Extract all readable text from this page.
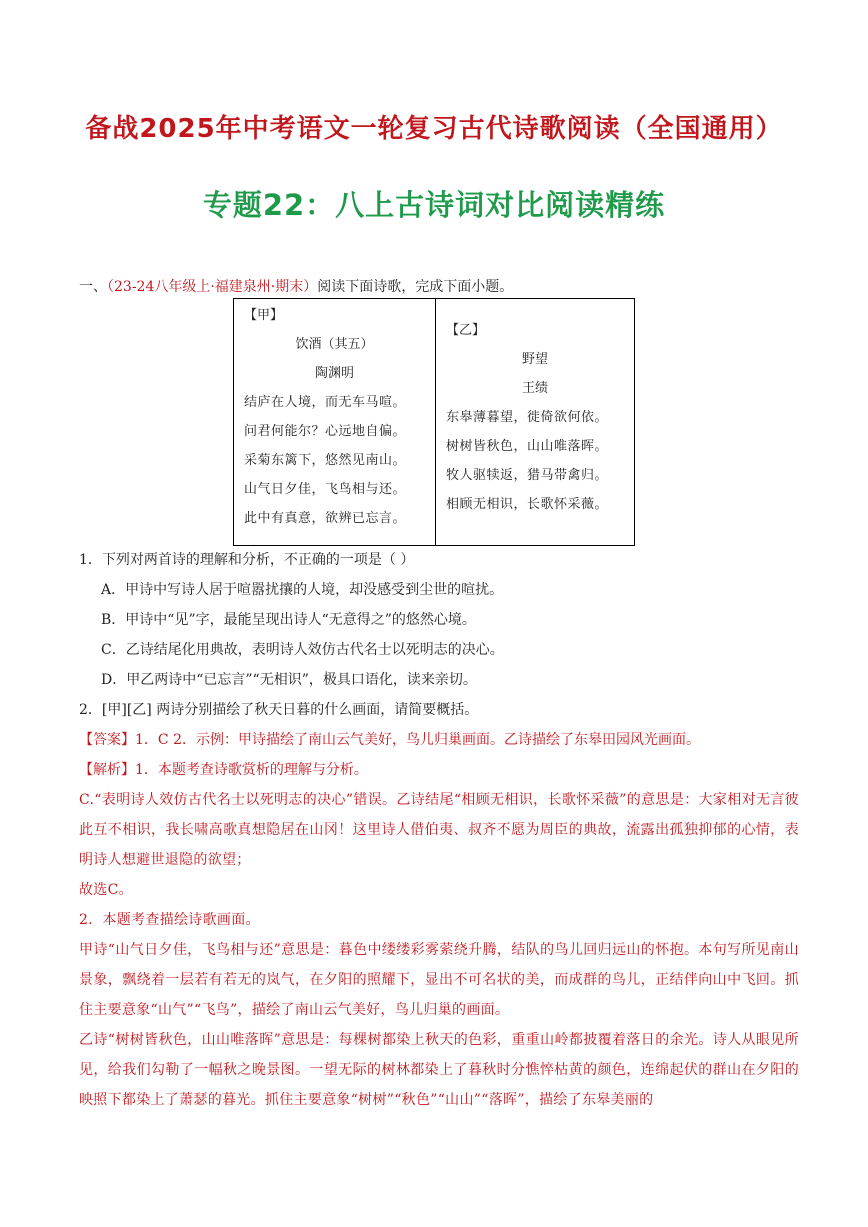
备战2025年中考语文一轮复习古代诗歌阅读（全国通用）
专题22：八上古诗词对比阅读精练
一、（23-24八年级上·福建泉州·期末）阅读下面诗歌，完成下面小题。
【甲】
饮酒（其五）
陶渊明
结庐在人境，而无车马喧。
问君何能尔？心远地自偏。
采菊东篱下，悠然见南山。
山气日夕佳，飞鸟相与还。
此中有真意，欲辨已忘言。
【乙】
野望
王绩
东皋薄暮望，徙倚欲何依。
树树皆秋色，山山唯落晖。
牧人驱犊返，猎马带禽归。
相顾无相识，长歌怀采薇。
1．下列对两首诗的理解和分析，不正确的一项是（ ）
A．甲诗中写诗人居于喧嚣扰攘的人境，却没感受到尘世的喧扰。
B．甲诗中“见”字，最能呈现出诗人“无意得之”的悠然心境。
C．乙诗结尾化用典故，表明诗人效仿古代名士以死明志的决心。
D．甲乙两诗中“已忘言”“无相识”，极具口语化，读来亲切。
2．[甲][乙] 两诗分别描绘了秋天日暮的什么画面，请简要概括。
【答案】1．C 2．示例：甲诗描绘了南山云气美好，鸟儿归巢画面。乙诗描绘了东皋田园风光画面。
【解析】1．本题考查诗歌赏析的理解与分析。
C.“表明诗人效仿古代名士以死明志的决心”错误。乙诗结尾“相顾无相识，长歌怀采薇”的意思是：大家相对无言彼此互不相识，我长啸高歌真想隐居在山冈！这里诗人借伯夷、叔齐不愿为周臣的典故，流露出孤独抑郁的心情，表明诗人想避世退隐的欲望；
故选C。
2．本题考查描绘诗歌画面。
甲诗“山气日夕佳，飞鸟相与还”意思是：暮色中缕缕彩雾萦绕升腾，结队的鸟儿回归远山的怀抱。本句写所见南山景象，飘绕着一层若有若无的岚气，在夕阳的照耀下，显出不可名状的美，而成群的鸟儿，正结伴向山中飞回。抓住主要意象“山气”“飞鸟”，描绘了南山云气美好，鸟儿归巢的画面。
乙诗“树树皆秋色，山山唯落晖”意思是：每棵树都染上秋天的色彩，重重山岭都披覆着落日的余光。诗人从眼见所见，给我们勾勒了一幅秋之晚景图。一望无际的树林都染上了暮秋时分憔悴枯黄的颜色，连绵起伏的群山在夕阳的映照下都染上了萧瑟的暮光。抓住主要意象“树树”“秋色”“山山”“落晖”，描绘了东皋美丽的
